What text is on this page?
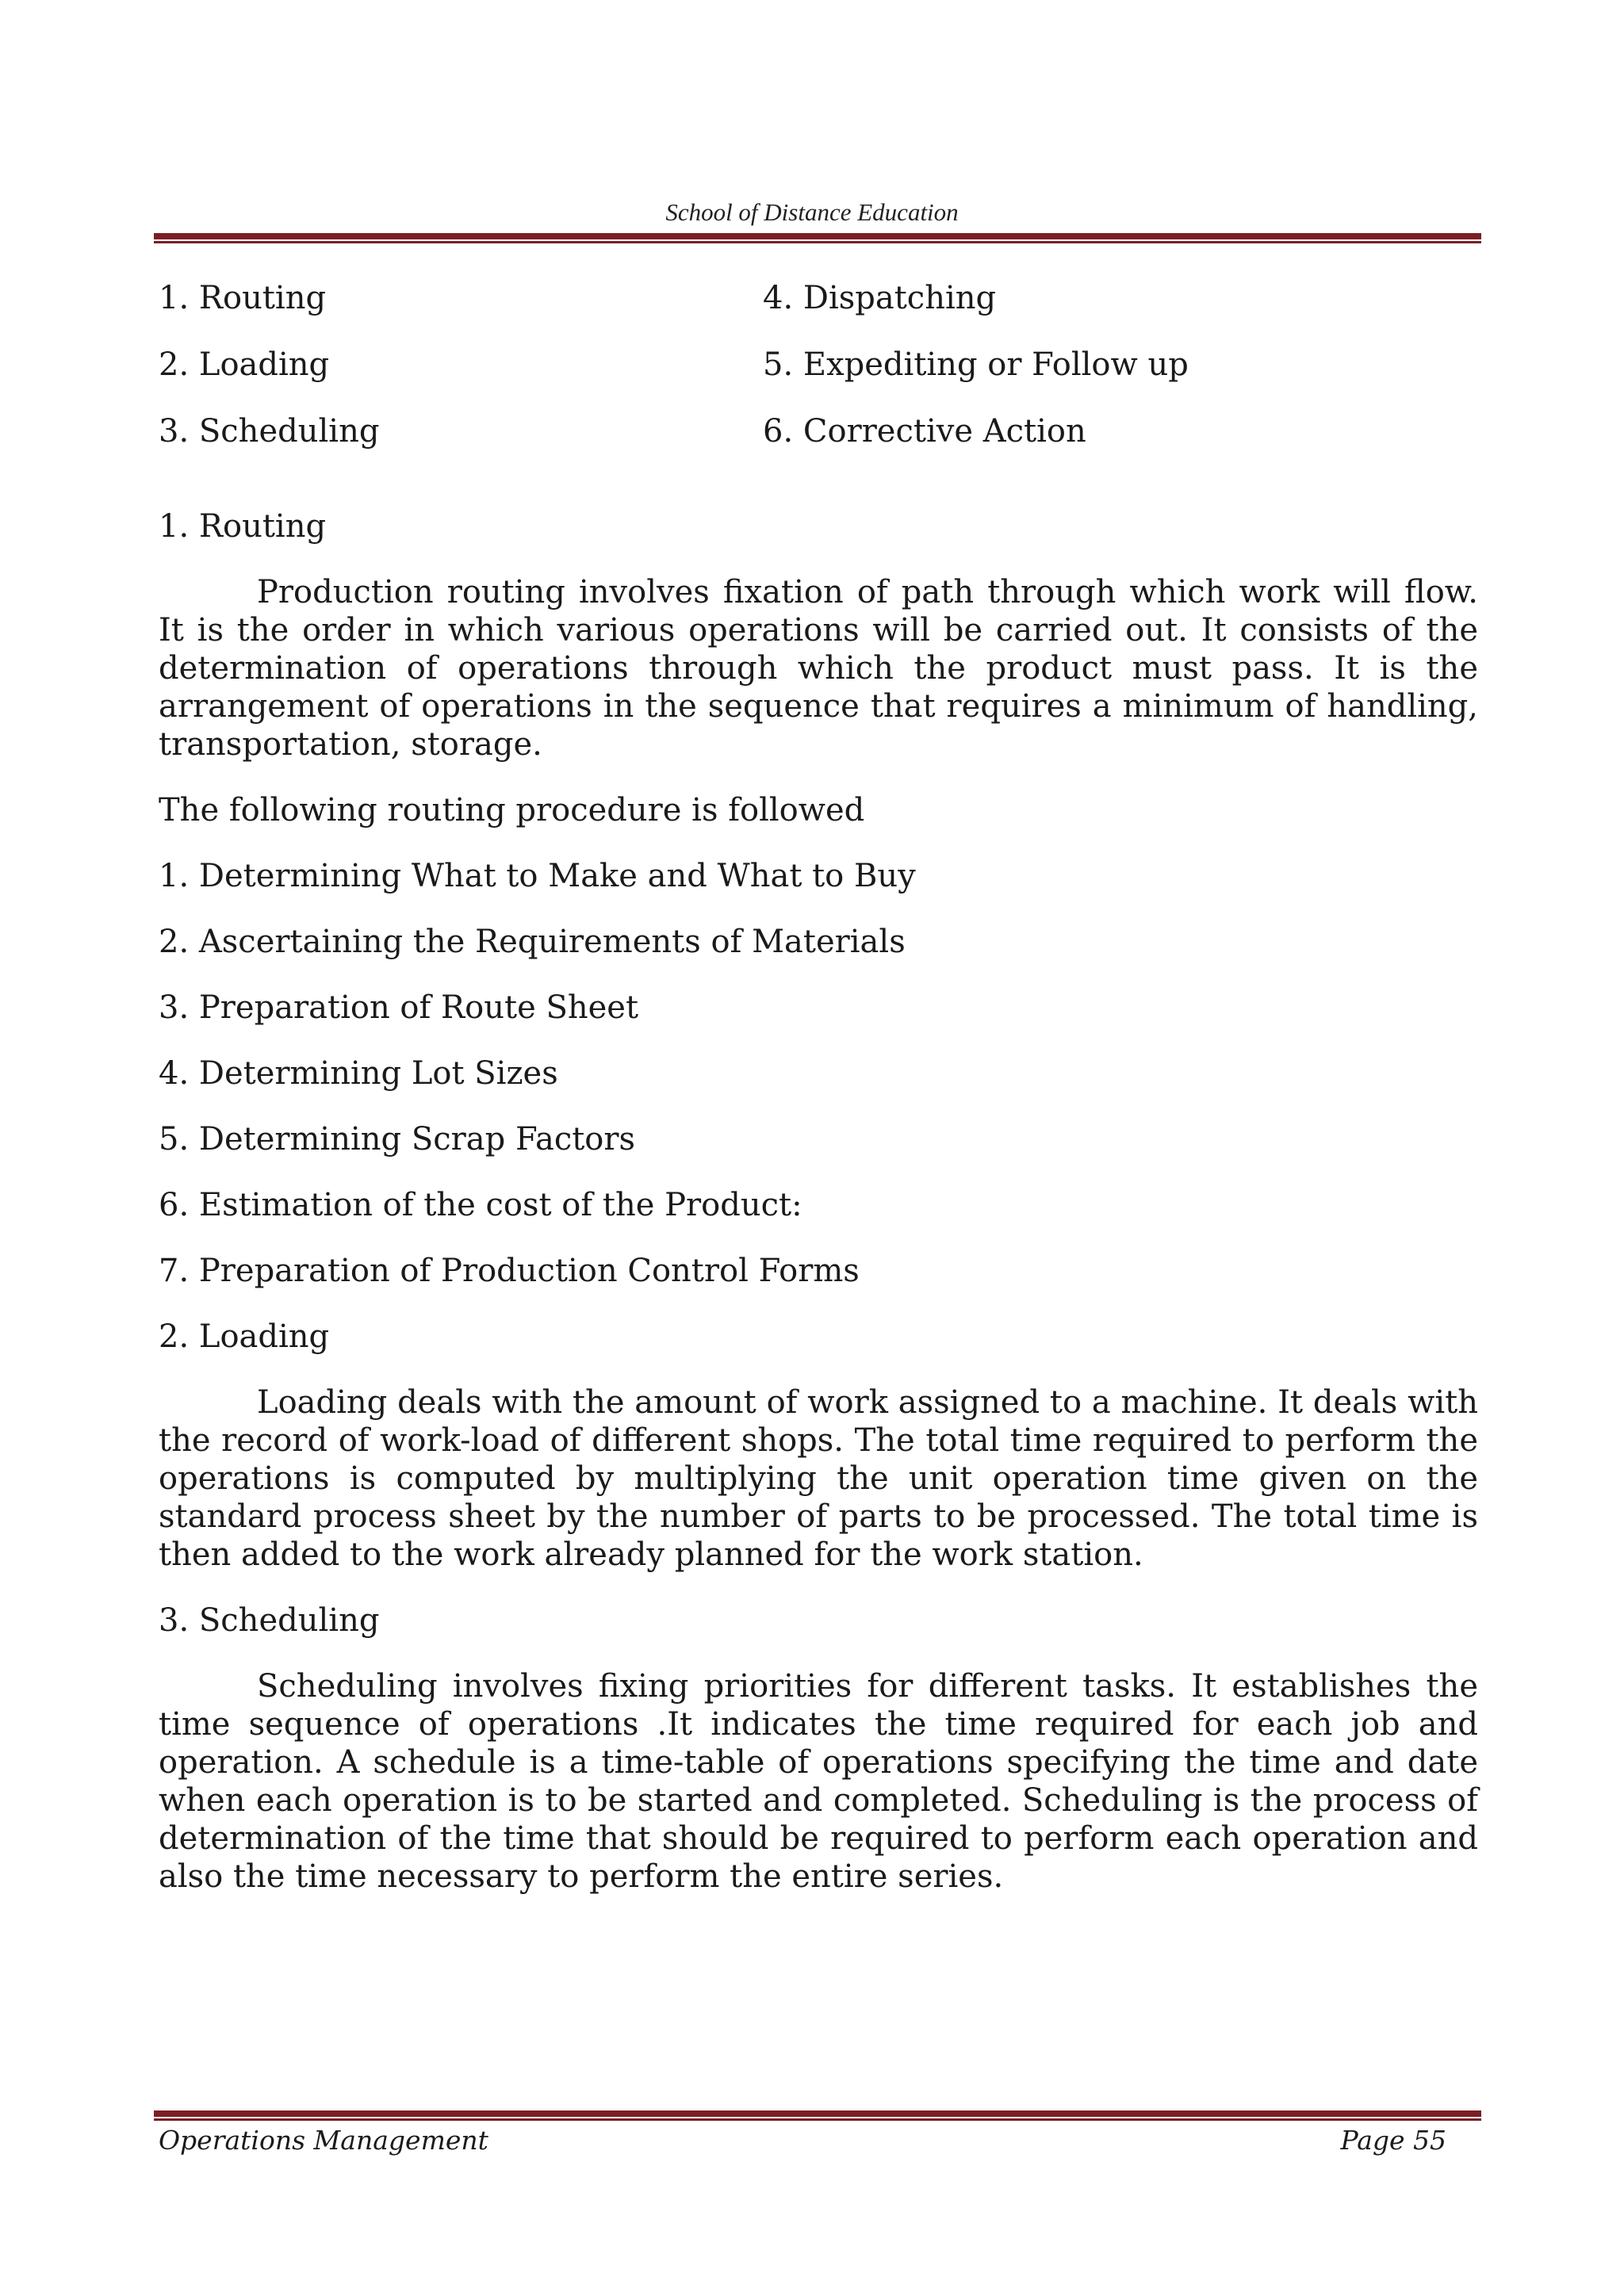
School of Distance Education
1. Routing	4. Dispatching
2. Loading	5. Expediting or Follow up
3. Scheduling	6. Corrective Action
1. Routing

Production routing involves fixation of path through which work will flow. It is the order in which various operations will be carried out. It consists of the determination of operations through which the product must pass. It is the arrangement of operations in the sequence that requires a minimum of handling, transportation, storage.

The following routing procedure is followed
1. Determining What to Make and What to Buy
2. Ascertaining the Requirements of Materials
3. Preparation of Route Sheet
4. Determining Lot Sizes
5. Determining Scrap Factors
6. Estimation of the cost of the Product:
7. Preparation of Production Control Forms
2. Loading

Loading deals with the amount of work assigned to a machine. It deals with the record of work-load of different shops. The total time required to perform the operations is computed by multiplying the unit operation time given on the standard process sheet by the number of parts to be processed. The total time is then added to the work already planned for the work station.

3. Scheduling

Scheduling involves fixing priorities for different tasks. It establishes the time sequence of operations .It indicates the time required for each job and operation. A schedule is a time-table of operations specifying the time and date when each operation is to be started and completed. Scheduling is the process of determination of the time that should be required to perform each operation and also the time necessary to perform the entire series.

Operations Management	Page 55
